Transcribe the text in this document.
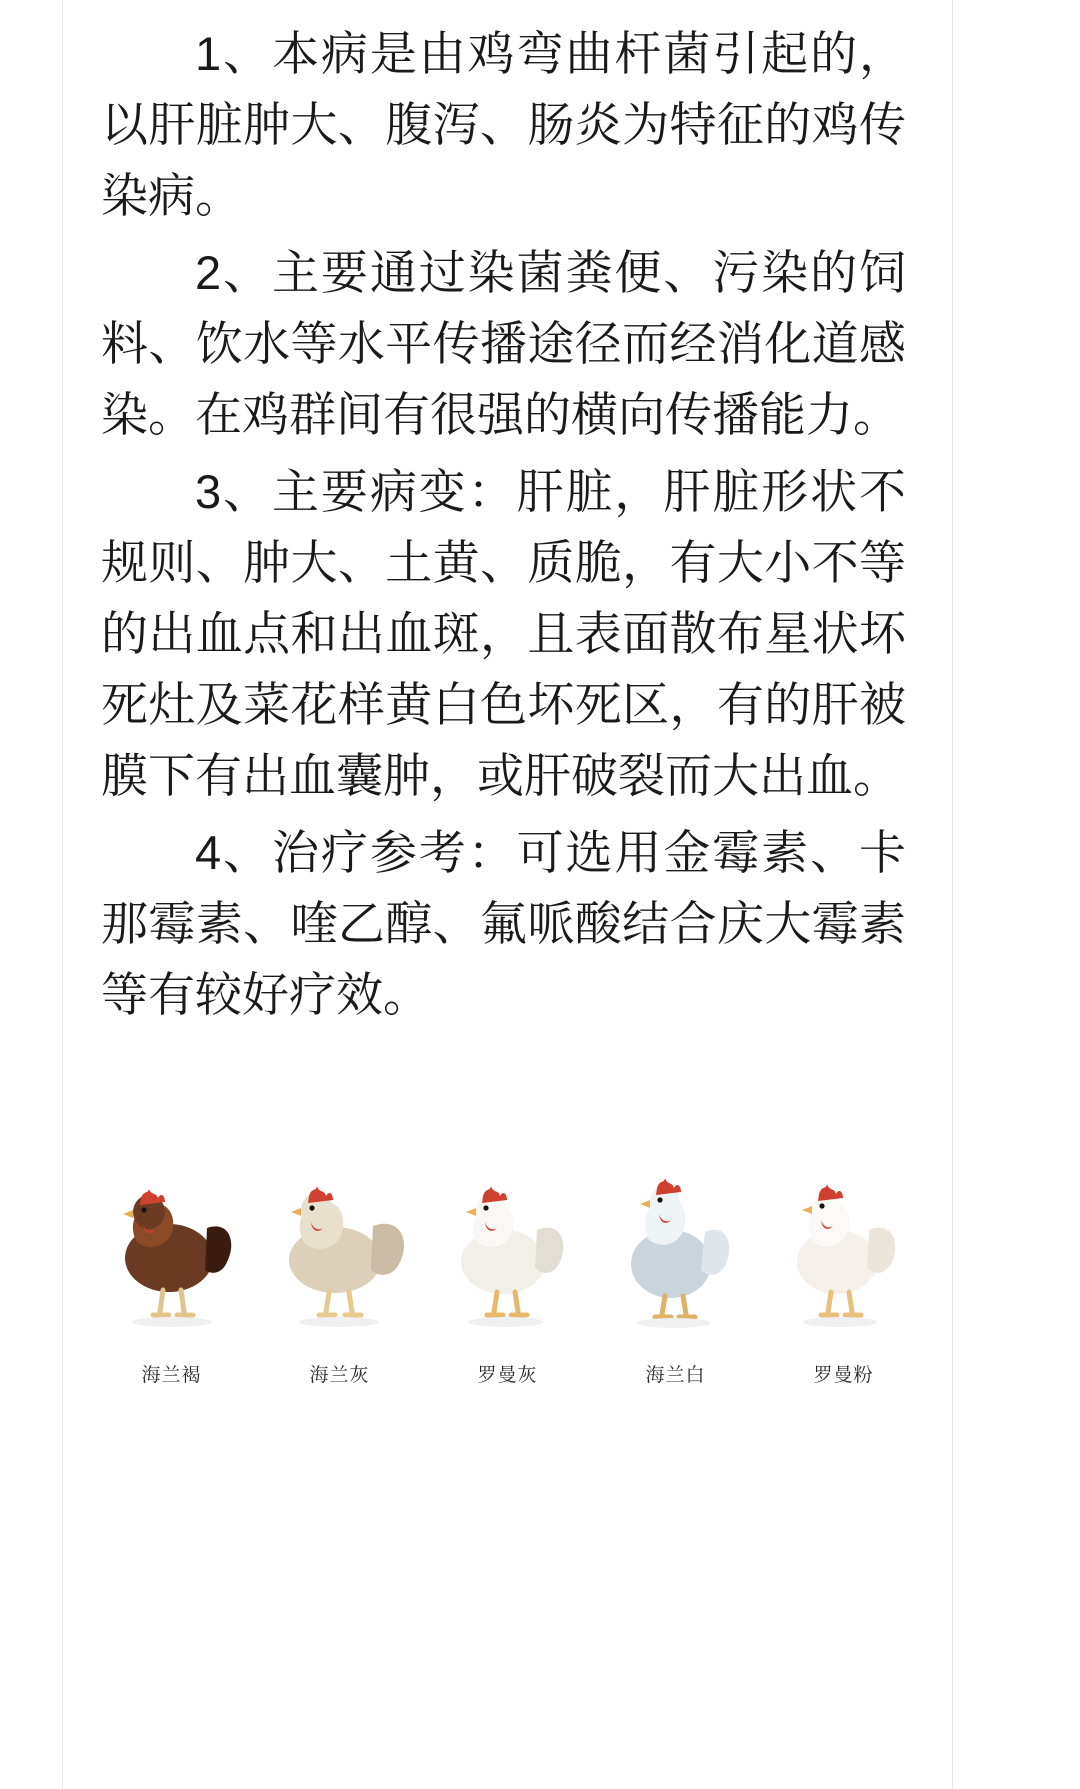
1、本病是由鸡弯曲杆菌引起的，以肝脏肿大、腹泻、肠炎为特征的鸡传染病。

2、主要通过染菌粪便、污染的饲料、饮水等水平传播途径而经消化道感染。在鸡群间有很强的横向传播能力。

3、主要病变：肝脏，肝脏形状不规则、肿大、土黄、质脆，有大小不等的出血点和出血斑，且表面散布星状坏死灶及菜花样黄白色坏死区，有的肝被膜下有出血囊肿，或肝破裂而大出血。

4、治疗参考：可选用金霉素、卡那霉素、喹乙醇、氟哌酸结合庆大霉素等有较好疗效。

海兰褐	海兰灰	罗曼灰	海兰白	罗曼粉
